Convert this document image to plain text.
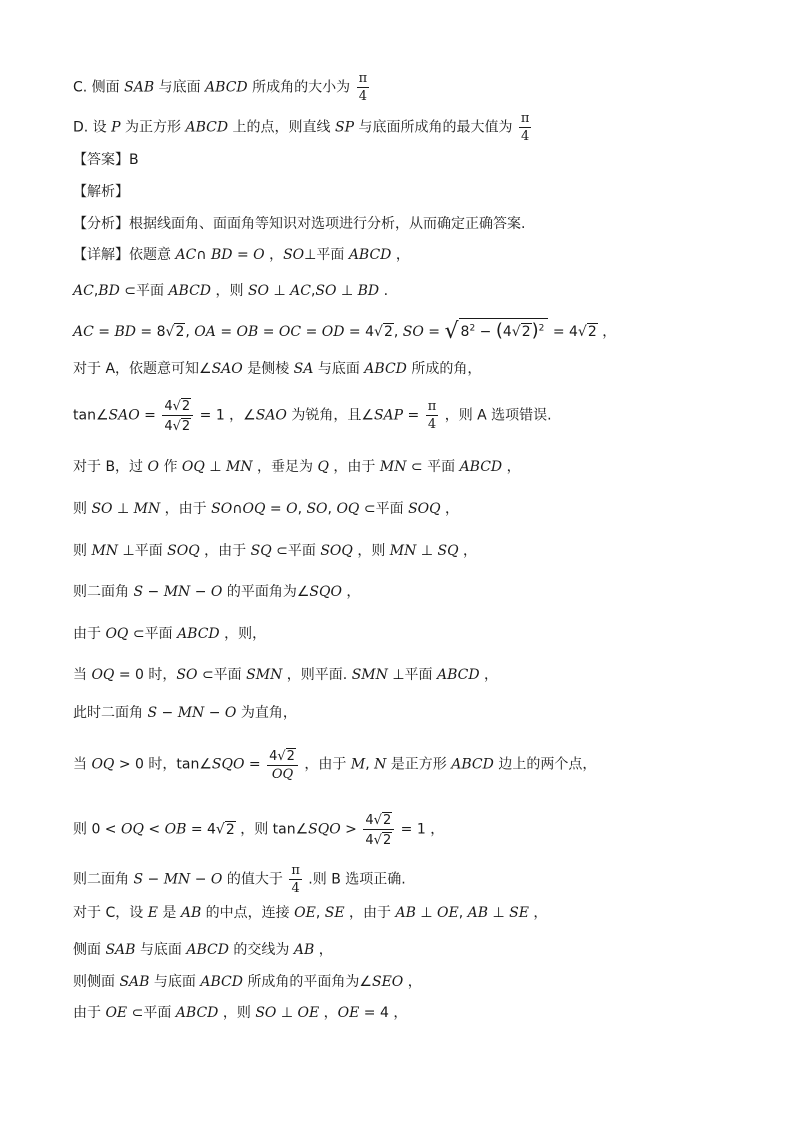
C. 侧面 SAB 与底面 ABCD 所成角的大小为 $\frac{\pi}{4}$
D. 设 P 为正方形 ABCD 上的点，则直线 SP 与底面所成角的最大值为 $\frac{\pi}{4}$
【答案】B
【解析】
【分析】根据线面角、面面角等知识对选项进行分析，从而确定正确答案.
【详解】依题意 AC∩ BD = O ，SO⊥平面 ABCD ，
AC,BD ⊂平面 ABCD ，则 SO ⊥ AC,SO ⊥ BD .
AC = BD = 8√2, OA = OB = OC = OD = 4√2, SO = √ $8^2 - (4√2)^2 = 4√2$ ，
对于 A，依题意可知∠SAO 是侧棱 SA 与底面 ABCD 所成的角，
tan∠SAO = $\frac{4√2}{4√2} = 1$ ，∠SAO 为锐角，且∠SAP = $\frac{\pi}{4}$ ，则 A 选项错误.
对于 B，过 O 作 OQ ⊥ MN ，垂足为 Q ，由于 MN ⊂ 平面 ABCD ，
则 SO ⊥ MN ，由于 SO∩OQ = O, SO, OQ ⊂平面 SOQ ，
则 MN ⊥平面 SOQ ，由于 SQ ⊂平面 SOQ ，则 MN ⊥ SQ ，
则二面角 S − MN − O 的平面角为∠SQO ，
由于 OQ ⊂平面 ABCD ，则，
当 OQ = 0 时，SO ⊂平面 SMN ，则平面. SMN ⊥平面 ABCD ，
此时二面角 S − MN − O 为直角，
当 OQ > 0 时，tan∠SQO = $\frac{4√2}{OQ}$ ，由于 M, N 是正方形 ABCD 边上的两个点，
则 0 < OQ < OB = 4√2 ，则 tan∠SQO > $\frac{4√2}{4√2} = 1$ ，
则二面角 S − MN − O 的值大于 $\frac{\pi}{4}$ .则 B 选项正确.
对于 C，设 E 是 AB 的中点，连接 OE, SE ，由于 AB ⊥ OE, AB ⊥ SE ，
侧面 SAB 与底面 ABCD 的交线为 AB ，
则侧面 SAB 与底面 ABCD 所成角的平面角为∠SEO ，
由于 OE ⊂平面 ABCD ，则 SO ⊥ OE ，OE = 4 ，
